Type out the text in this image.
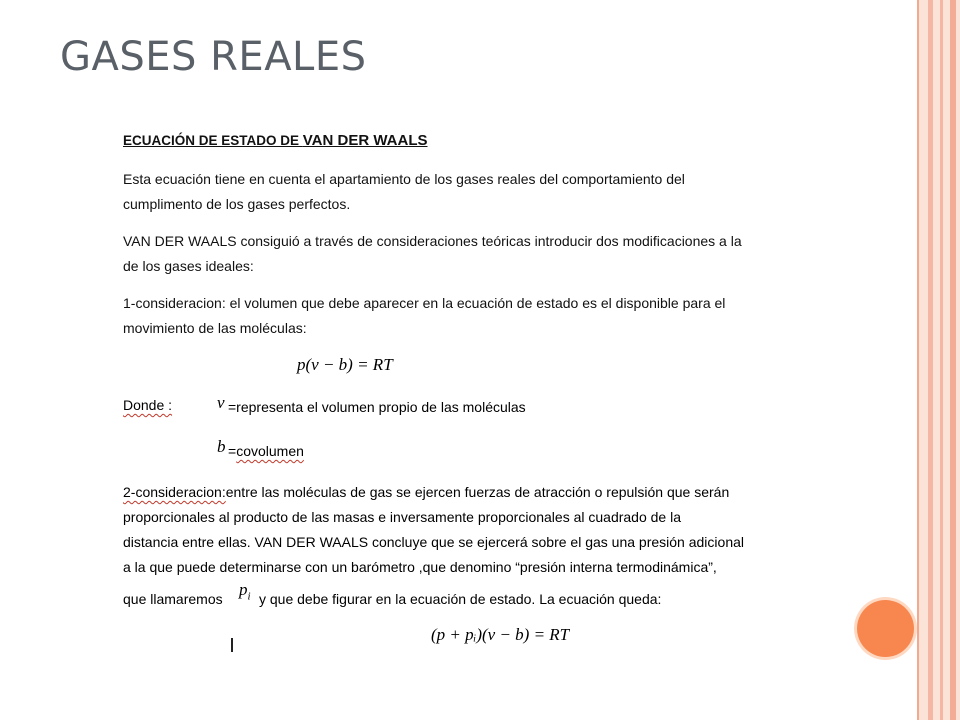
GASES REALES

ECUACIÓN DE ESTADO DE VAN DER WAALS

Esta ecuación tiene en cuenta el apartamiento de los gases reales del comportamiento del
cumplimento de los gases perfectos.

VAN DER WAALS consiguió a través de consideraciones teóricas introducir dos modificaciones a la
de los gases ideales:

1-consideracion: el volumen que debe aparecer en la ecuación de estado es el disponible para el
movimiento de las moléculas:

p(v − b) = RT
Donde :	v =representa el volumen propio de las moléculas
b =covolumen
2-consideracion:entre las moléculas de gas se ejercen fuerzas de atracción o repulsión que serán
proporcionales al producto de las masas e inversamente proporcionales al cuadrado de la
distancia entre ellas. VAN DER WAALS concluye que se ejercerá sobre el gas una presión adicional
a la que puede determinarse con un barómetro ,que denomino “presión interna termodinámica”,
que llamaremos $p_i$ y que debe figurar en la ecuación de estado. La ecuación queda:
(p + pᵢ)(v − b) = RT
